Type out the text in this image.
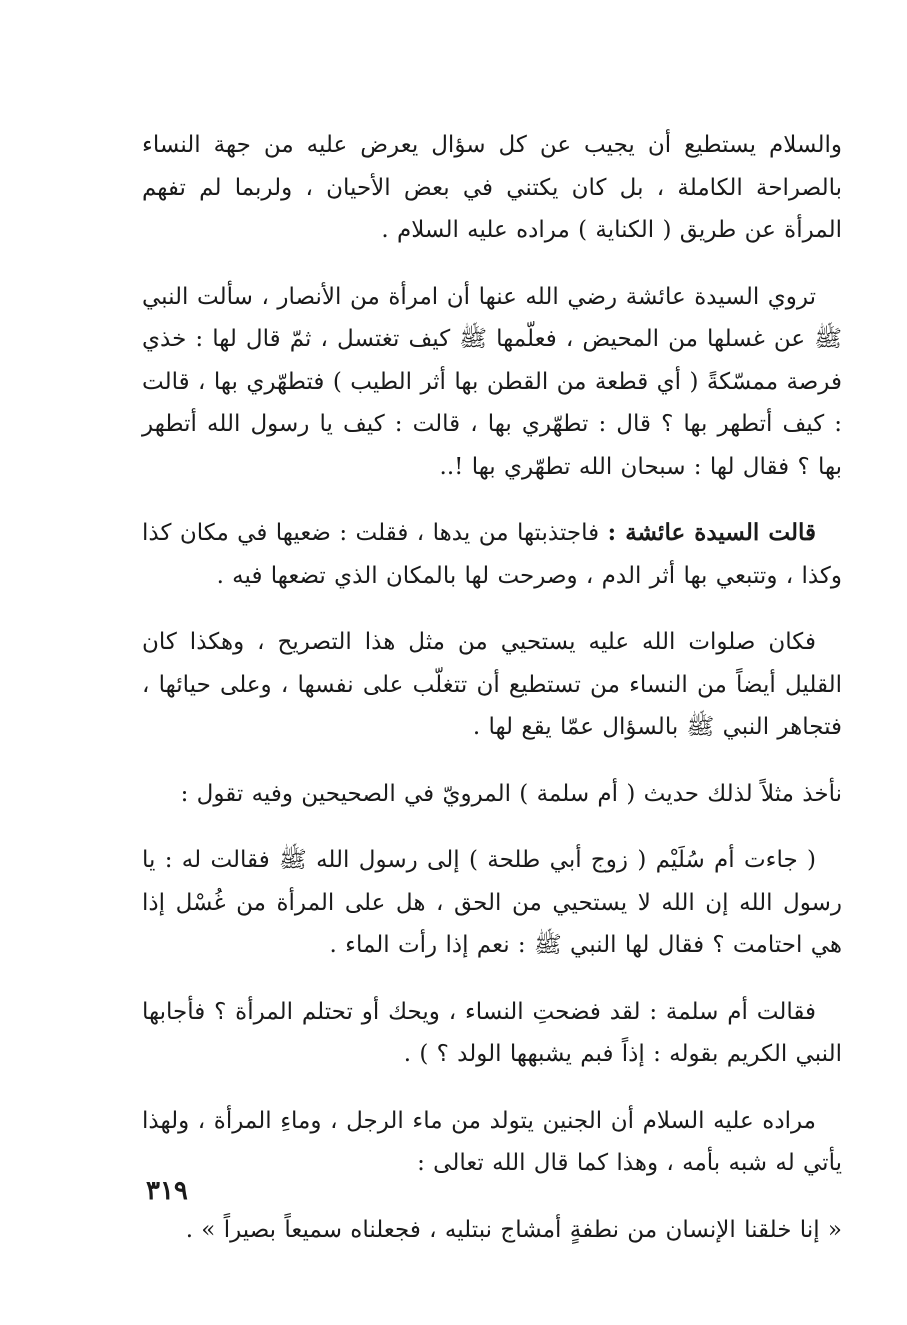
والسلام يستطيع أن يجيب عن كل سؤال يعرض عليه من جهة النساء بالصراحة الكاملة ، بل كان يكتني في بعض الأحيان ، ولربما لم تفهم المرأة عن طريق ( الكناية ) مراده عليه السلام .

تروي السيدة عائشة رضي الله عنها أن امرأة من الأنصار ، سألت النبي ﷺ عن غسلها من المحيض ، فعلّمها ﷺ كيف تغتسل ، ثمّ قال لها : خذي فرصة ممسّكةً ( أي قطعة من القطن بها أثر الطيب ) فتطهّري بها ، قالت : كيف أتطهر بها ؟ قال : تطهّري بها ، قالت : كيف يا رسول الله أتطهر بها ؟ فقال لها : سبحان الله تطهّري بها !..

قالت السيدة عائشة : فاجتذبتها من يدها ، فقلت : ضعيها في مكان كذا وكذا ، وتتبعي بها أثر الدم ، وصرحت لها بالمكان الذي تضعها فيه .

فكان صلوات الله عليه يستحيي من مثل هذا التصريح ، وهكذا كان القليل أيضاً من النساء من تستطيع أن تتغلّب على نفسها ، وعلى حيائها ، فتجاهر النبي ﷺ بالسؤال عمّا يقع لها .

نأخذ مثلاً لذلك حديث ( أم سلمة ) المرويّ في الصحيحين وفيه تقول :

( جاءت أم سُلَيْم ( زوج أبي طلحة ) إلى رسول الله ﷺ فقالت له : يا رسول الله إن الله لا يستحيي من الحق ، هل على المرأة من غُسْل إذا هي احتامت ؟ فقال لها النبي ﷺ : نعم إذا رأت الماء .

فقالت أم سلمة : لقد فضحتِ النساء ، ويحك أو تحتلم المرأة ؟ فأجابها النبي الكريم بقوله : إذاً فبم يشبهها الولد ؟ ) .

مراده عليه السلام أن الجنين يتولد من ماء الرجل ، وماءِ المرأة ، ولهذا يأتي له شبه بأمه ، وهذا كما قال الله تعالى :

« إنا خلقنا الإنسان من نطفةٍ أمشاج نبتليه ، فجعلناه سميعاً بصيراً » .

٣١٩
